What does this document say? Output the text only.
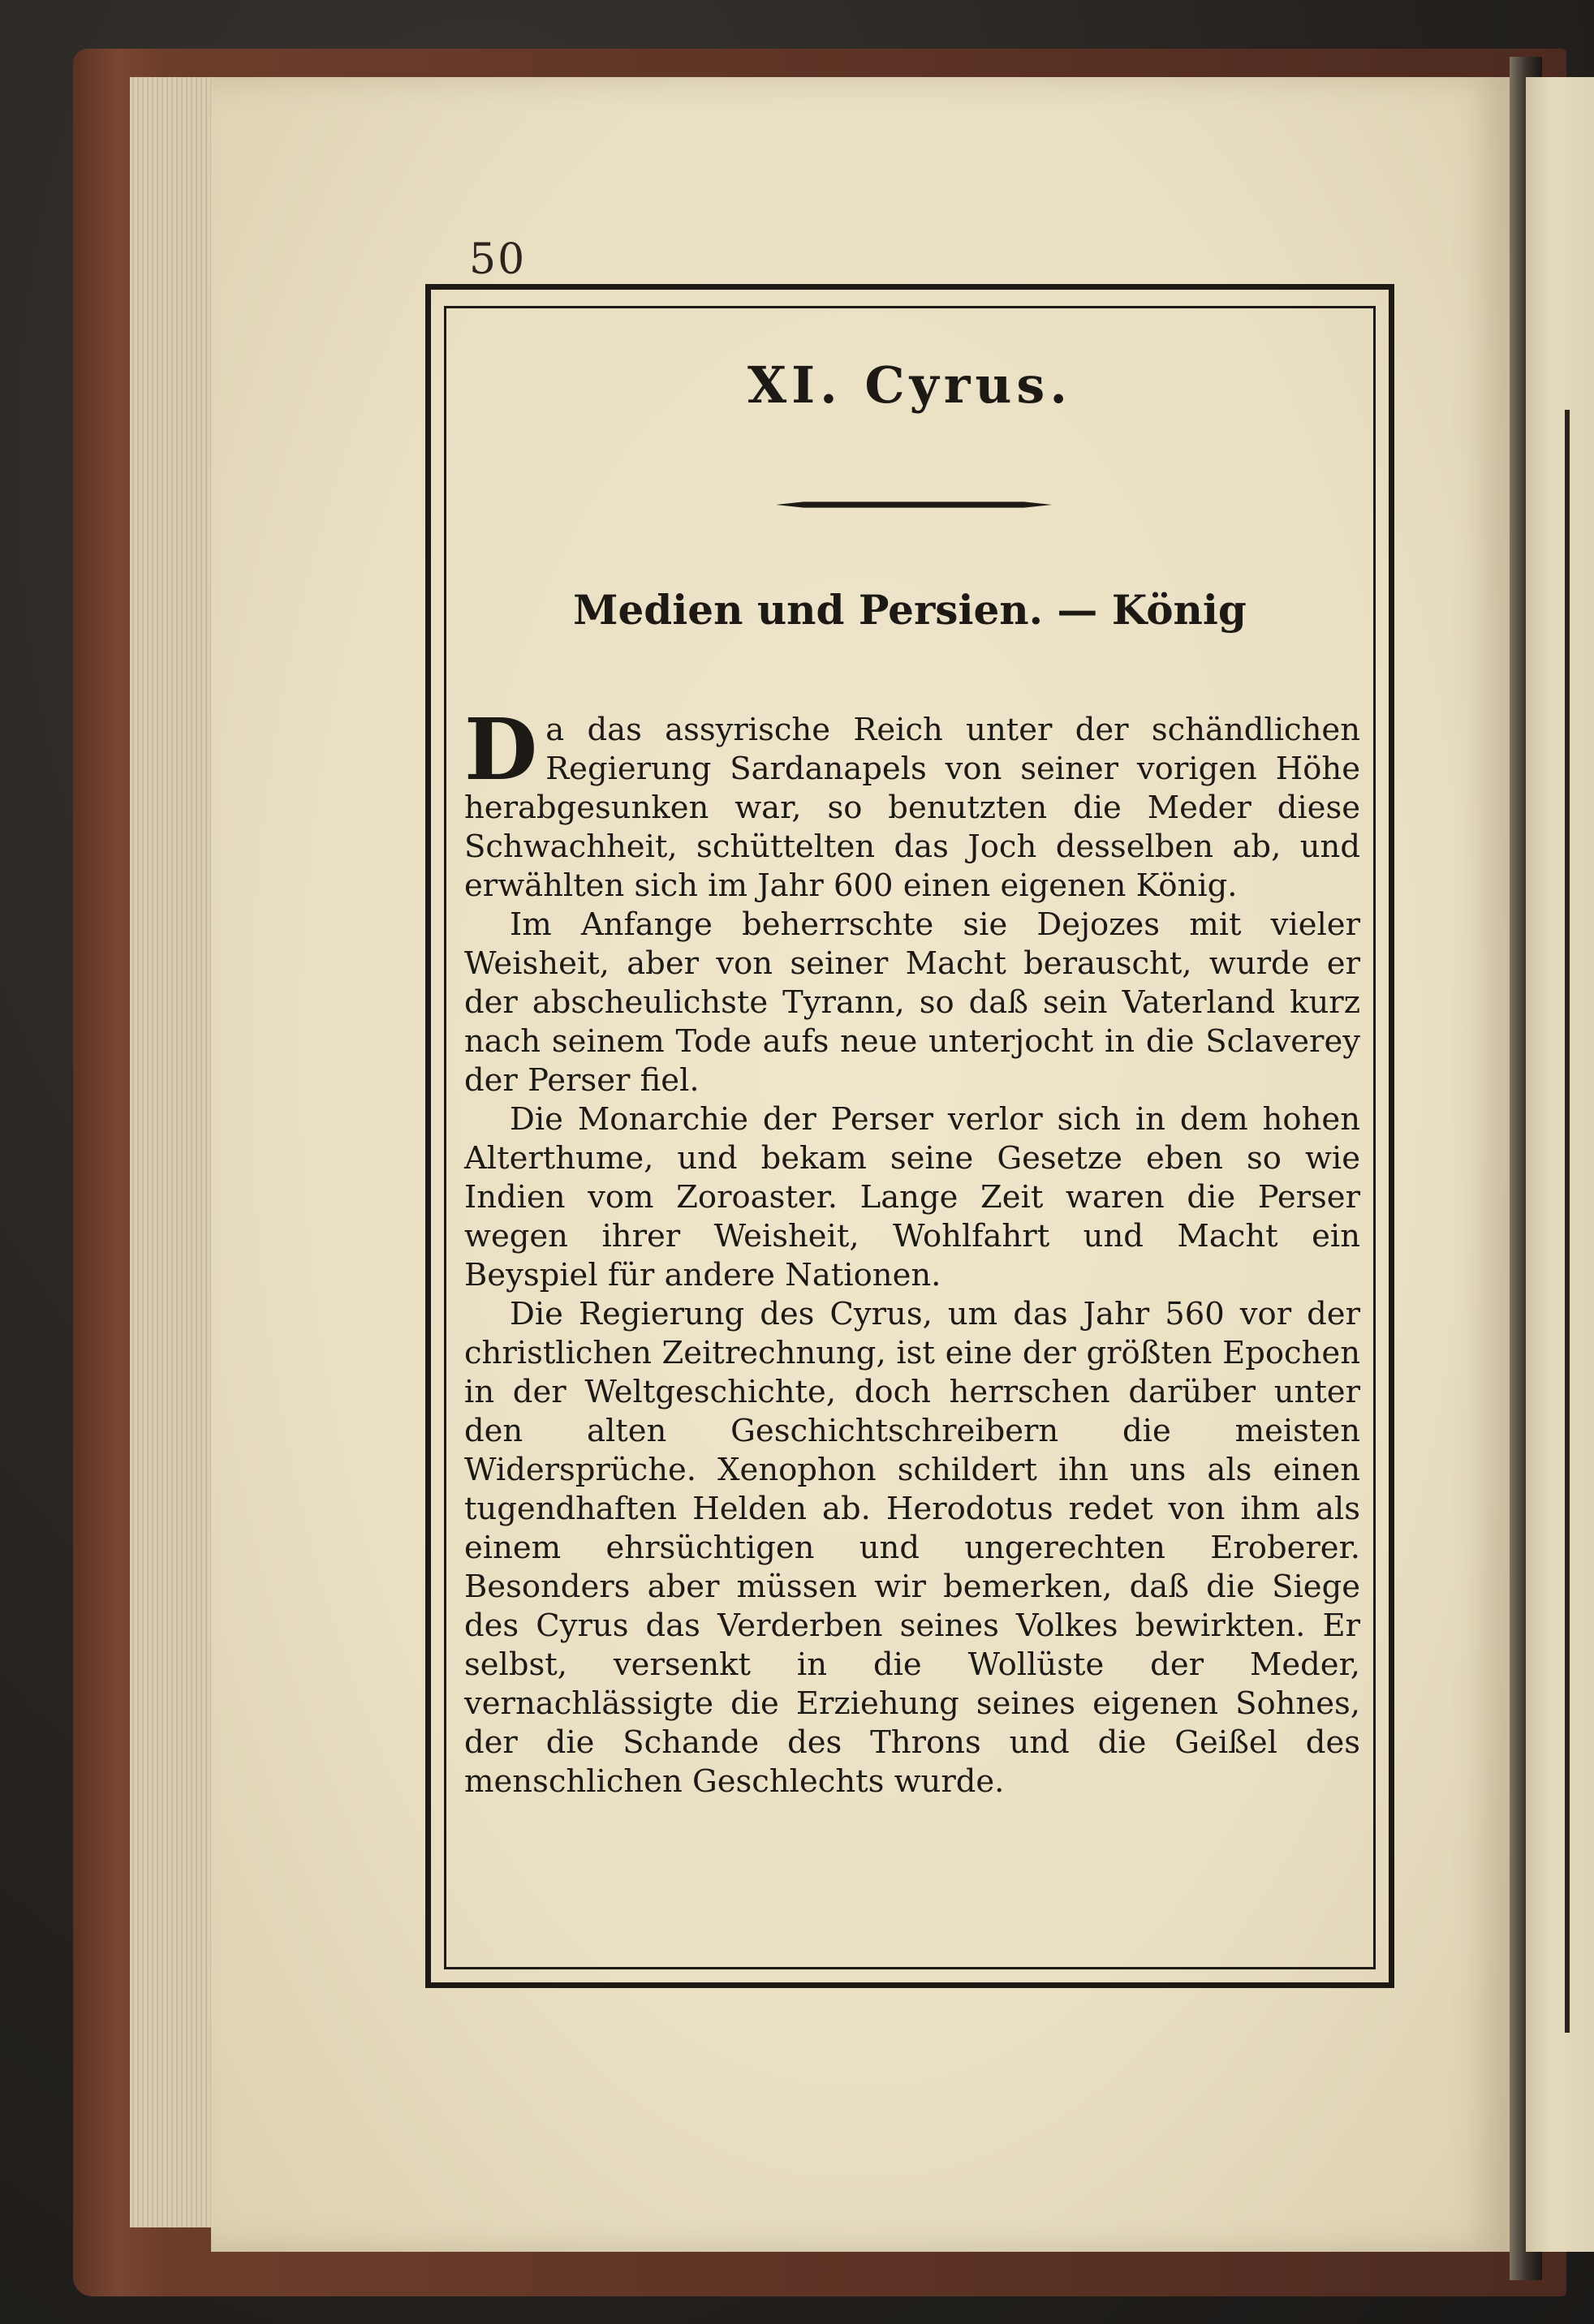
50
XI. Cyrus.
Medien und Persien. — König

Da das assyrische Reich unter der schändlichen Regierung Sardanapels von seiner vorigen Höhe herabgesunken war, so benutzten die Meder diese Schwachheit, schüttelten das Joch desselben ab, und erwählten sich im Jahr 600 einen eigenen König.

Im Anfange beherrschte sie Dejozes mit vieler Weisheit, aber von seiner Macht berauscht, wurde er der abscheulichste Tyrann, so daß sein Vaterland kurz nach seinem Tode aufs neue unterjocht in die Sclaverey der Perser fiel.

Die Monarchie der Perser verlor sich in dem hohen Alterthume, und bekam seine Gesetze eben so wie Indien vom Zoroaster. Lange Zeit waren die Perser wegen ihrer Weisheit, Wohlfahrt und Macht ein Beyspiel für andere Nationen.

Die Regierung des Cyrus, um das Jahr 560 vor der christlichen Zeitrechnung, ist eine der größten Epochen in der Weltgeschichte, doch herrschen darüber unter den alten Geschichtschreibern die meisten Widersprüche. Xenophon schildert ihn uns als einen tugendhaften Helden ab. Herodotus redet von ihm als einem ehrsüchtigen und ungerechten Eroberer. Besonders aber müssen wir bemerken, daß die Siege des Cyrus das Verderben seines Volkes bewirkten. Er selbst, versenkt in die Wollüste der Meder, vernachlässigte die Erziehung seines eigenen Sohnes, der die Schande des Throns und die Geißel des menschlichen Geschlechts wurde.
